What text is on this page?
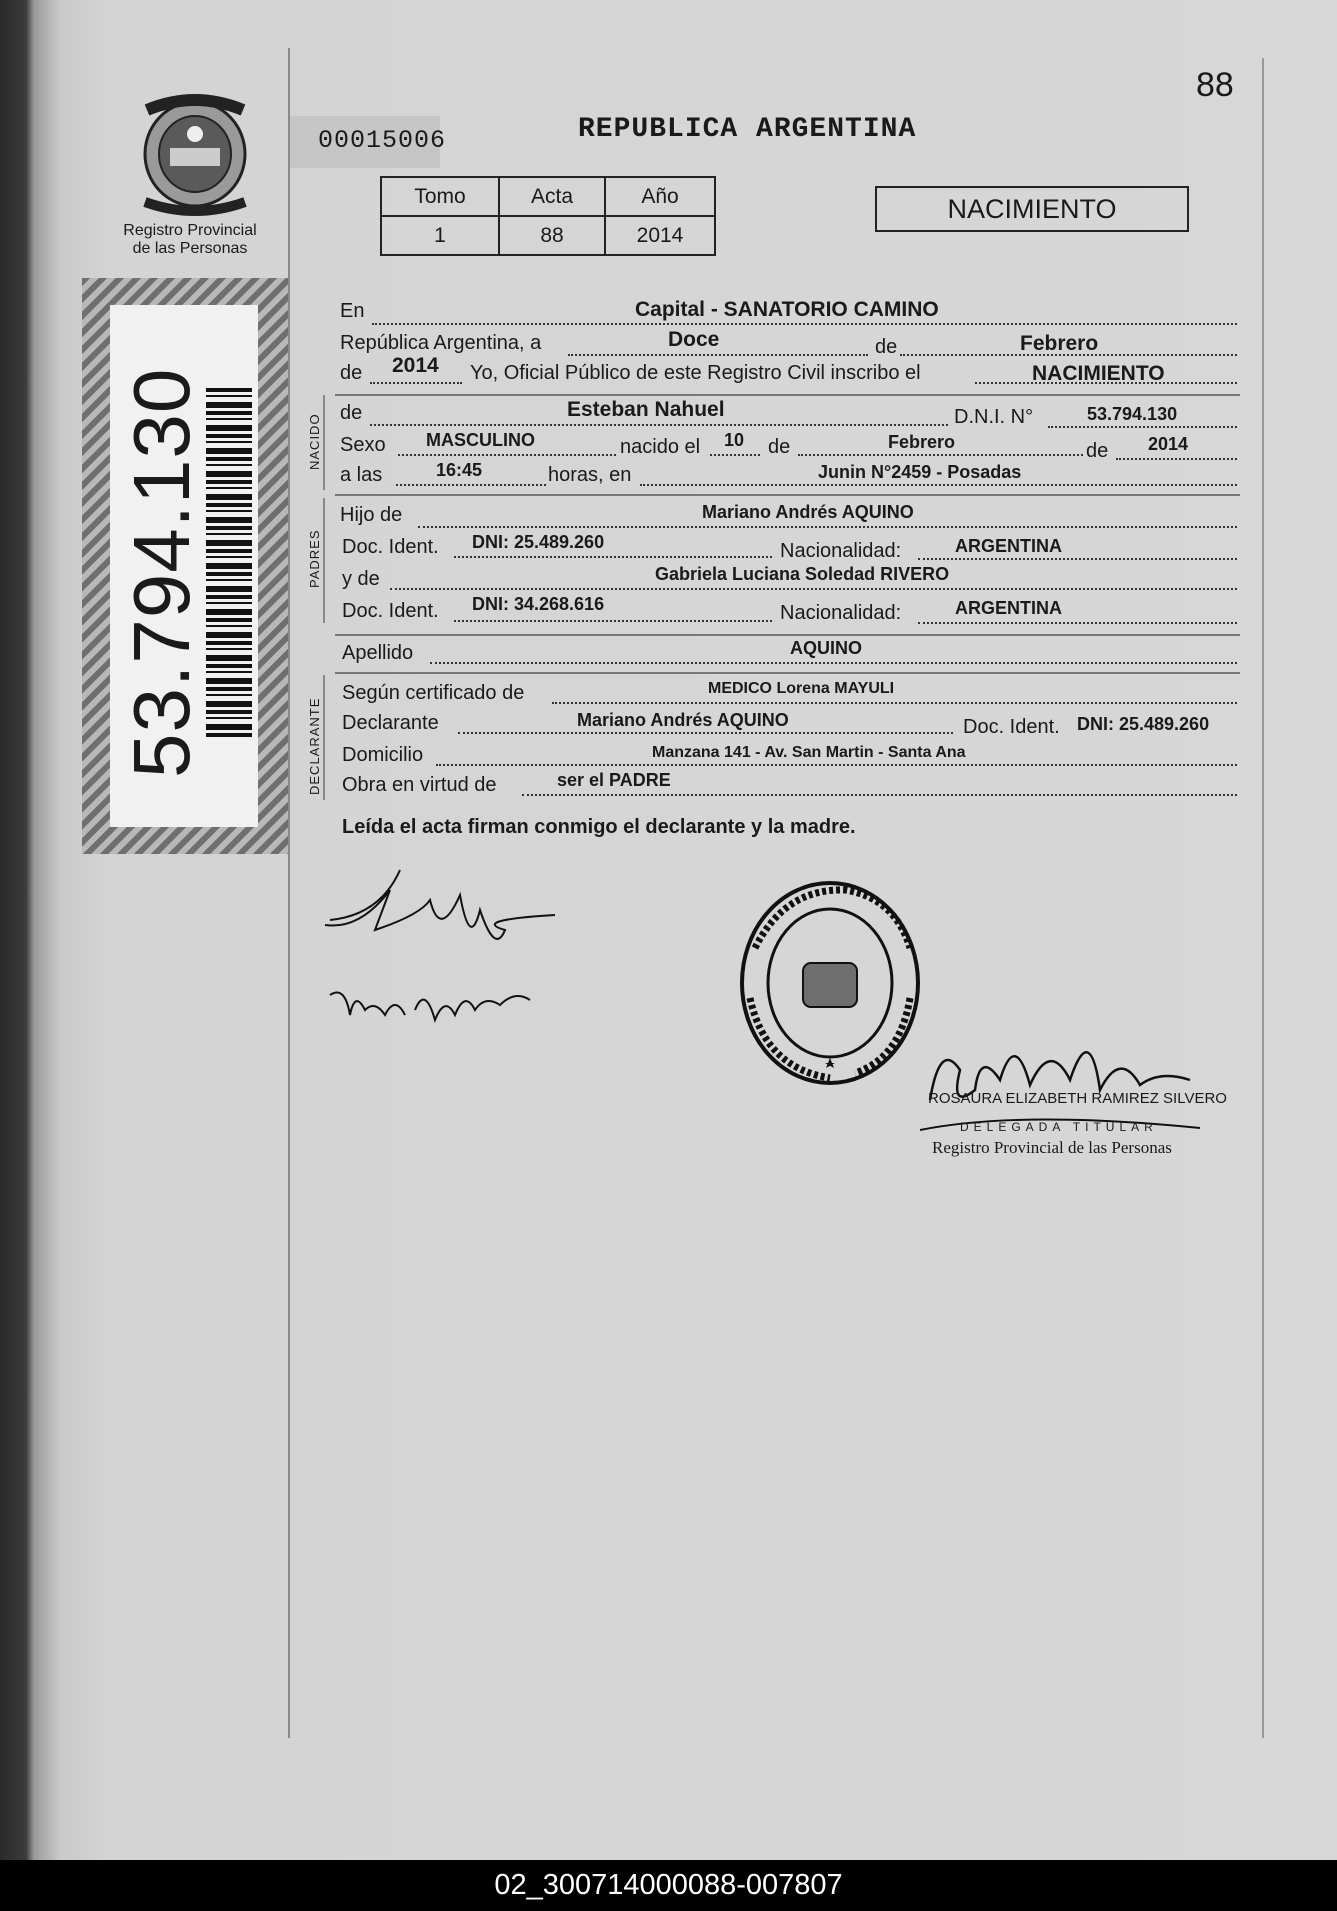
Registro Provincial
de las Personas
53.794.130
88
00015006	REPUBLICA ARGENTINA
Tomo	Acta	Año
1	88	2014
NACIMIENTO
NACIDO
PADRES
DECLARANTE
En	Capital - SANATORIO CAMINO
República Argentina, a	Doce	de	Febrero
de 2014 Yo, Oficial Público de este Registro Civil inscribo el	NACIMIENTO
de	Esteban Nahuel	D.N.I. N°	53.794.130
Sexo MASCULINO	nacido el 10 de	Febrero	de 2014
a las	16:45	horas, en	Junin N°2459 - Posadas
Hijo de	Mariano Andrés AQUINO
Doc. Ident. DNI: 25.489.260	Nacionalidad:	ARGENTINA
y de	Gabriela Luciana Soledad RIVERO
Doc. Ident. DNI: 34.268.616	Nacionalidad:	ARGENTINA
Apellido	AQUINO
Según certificado de	MEDICO Lorena MAYULI
Declarante	Mariano Andrés AQUINO	Doc. Ident. DNI: 25.489.260
Domicilio	Manzana 141 - Av. San Martin - Santa Ana
Obra en virtud de	ser el PADRE
Leída el acta firman conmigo el declarante y la madre.
ROSAURA ELIZABETH RAMIREZ SILVERO
DELEGADA TITULAR
Registro Provincial de las Personas
02_300714000088-007807
